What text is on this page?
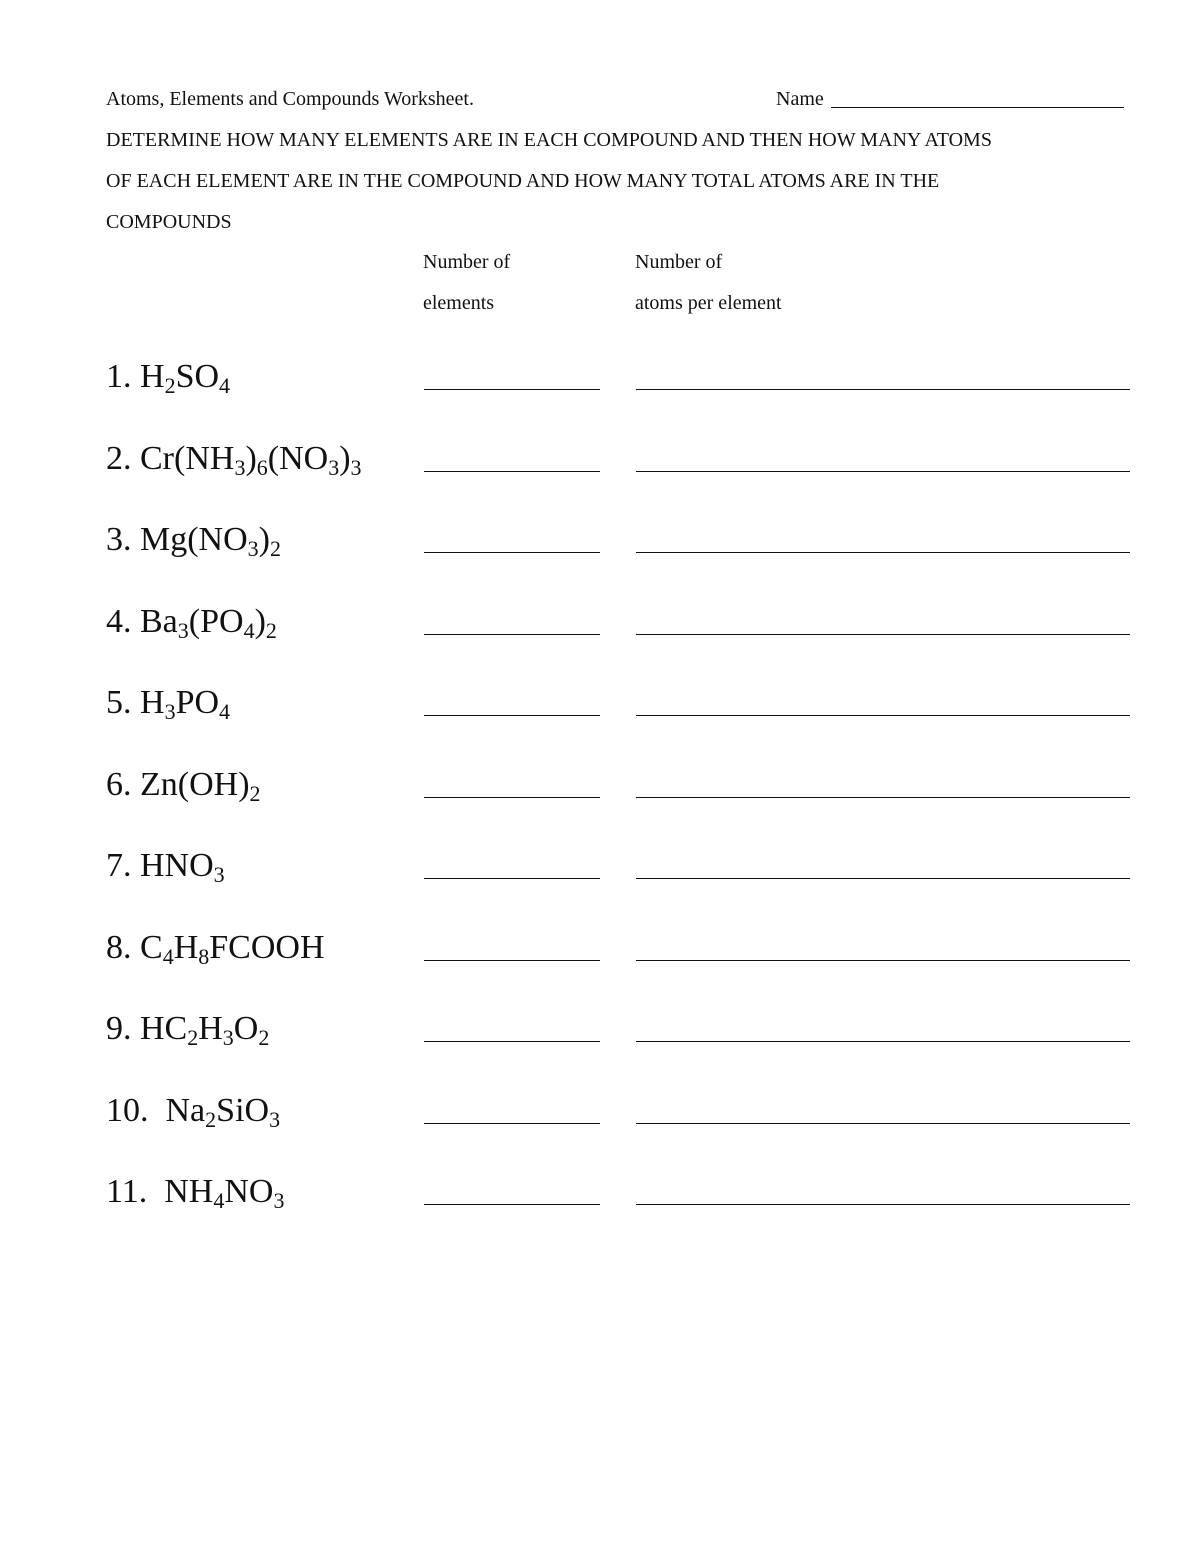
Atoms, Elements and Compounds Worksheet.	Name
DETERMINE HOW MANY ELEMENTS ARE IN EACH COMPOUND AND THEN HOW MANY ATOMS
OF EACH ELEMENT ARE IN THE COMPOUND AND HOW MANY TOTAL ATOMS ARE IN THE
COMPOUNDS
Number of
elements
Number of
atoms per element
1. $H_2SO_4$
2. $Cr(NH_3)_6(NO_3)_3$
3. $Mg(NO_3)_2$
4. $Ba_3(PO_4)_2$
5. $H_3PO_4$
6. $Zn(OH)_2$
7. $HNO_3$
8. $C_4H_8FCOOH$
9. $HC_2H_3O_2$
10. $Na_2SiO_3$
11. $NH_4NO_3$
